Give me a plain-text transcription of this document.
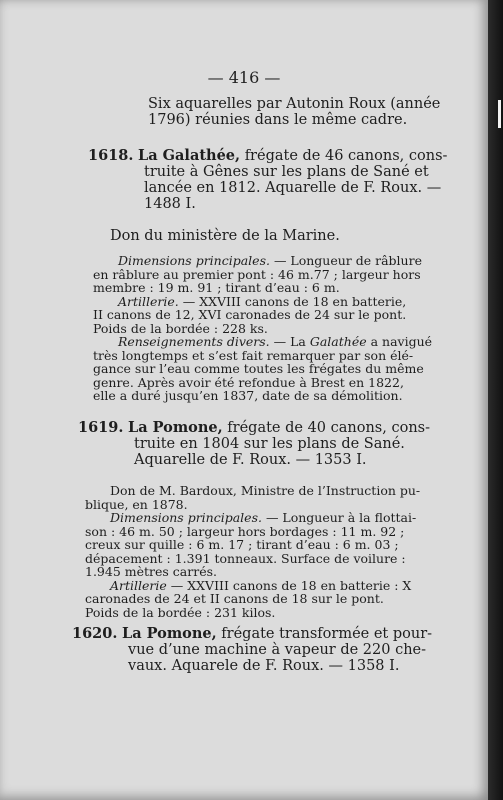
— 416 —

Six aquarelles par Autonin Roux (année

1796) réunies dans le même cadre.

1618. La Galathée, frégate de 46 canons, cons-

truite à Gênes sur les plans de Sané et

lancée en 1812. Aquarelle de F. Roux. —

1488 I.

Don du ministère de la Marine.

Dimensions principales. — Longueur de râblure

en râblure au premier pont : 46 m.77 ; largeur hors

membre : 19 m. 91 ; tirant d’eau : 6 m.

Artillerie. — XXVIII canons de 18 en batterie,

II canons de 12, XVI caronades de 24 sur le pont.

Poids de la bordée : 228 ks.

Renseignements divers. — La Galathée a navigué

très longtemps et s’est fait remarquer par son élé-

gance sur l’eau comme toutes les frégates du même

genre. Après avoir été refondue à Brest en 1822,

elle a duré jusqu’en 1837, date de sa démolition.

1619. La Pomone, frégate de 40 canons, cons-

truite en 1804 sur les plans de Sané.

Aquarelle de F. Roux. — 1353 I.

Don de M. Bardoux, Ministre de l’Instruction pu-

blique, en 1878.

Dimensions principales. — Longueur à la flottai-

son : 46 m. 50 ; largeur hors bordages : 11 m. 92 ;

creux sur quille : 6 m. 17 ; tirant d’eau : 6 m. 03 ;

dépacement : 1.391 tonneaux. Surface de voilure :

1.945 mètres carrés.

Artillerie — XXVIII canons de 18 en batterie : X

caronades de 24 et II canons de 18 sur le pont.

Poids de la bordée : 231 kilos.

1620. La Pomone, frégate transformée et pour-

vue d’une machine à vapeur de 220 che-

vaux. Aquarele de F. Roux. — 1358 I.
